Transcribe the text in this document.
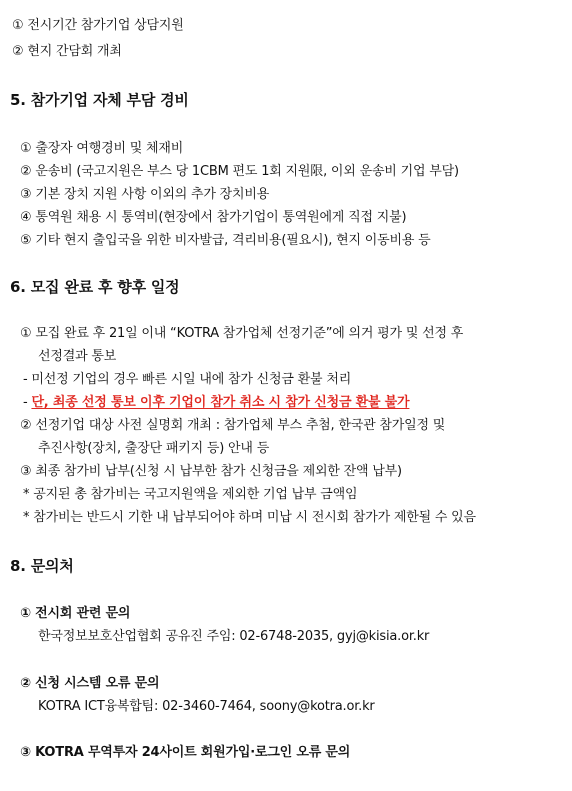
① 전시기간 참가기업 상담지원
② 현지 간담회 개최
5. 참가기업 자체 부담 경비
① 출장자 여행경비 및 체재비
② 운송비 (국고지원은 부스 당 1CBM 편도 1회 지원限, 이외 운송비 기업 부담)
③ 기본 장치 지원 사항 이외의 추가 장치비용
④ 통역원 채용 시 통역비(현장에서 참가기업이 통역원에게 직접 지불)
⑤ 기타 현지 출입국을 위한 비자발급, 격리비용(필요시), 현지 이동비용 등
6. 모집 완료 후 향후 일정
① 모집 완료 후 21일 이내 “KOTRA 참가업체 선정기준”에 의거 평가 및 선정 후
선정결과 통보
- 미선정 기업의 경우 빠른 시일 내에 참가 신청금 환불 처리
- 단, 최종 선정 통보 이후 기업이 참가 취소 시 참가 신청금 환불 불가
② 선정기업 대상 사전 실명회 개최 : 참가업체 부스 추첨, 한국관 참가일정 및
추진사항(장치, 출장단 패키지 등) 안내 등
③ 최종 참가비 납부(신청 시 납부한 참가 신청금을 제외한 잔액 납부)
* 공지된 총 참가비는 국고지원액을 제외한 기업 납부 금액임
* 참가비는 반드시 기한 내 납부되어야 하며 미납 시 전시회 참가가 제한될 수 있음
8. 문의처
① 전시회 관련 문의
한국정보보호산업협회 공유진 주임: 02-6748-2035, gyj@kisia.or.kr
② 신청 시스템 오류 문의
KOTRA ICT융복합팀: 02-3460-7464, soony@kotra.or.kr
③ KOTRA 무역투자 24사이트 회원가입·로그인 오류 문의
